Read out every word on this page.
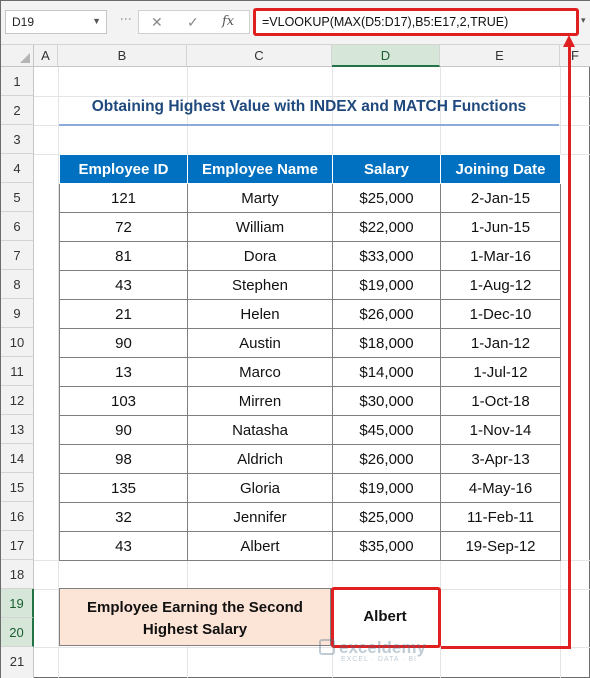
D19	▼ ⋮ ✕ ✓ fx	=VLOOKUP(MAX(D5:D17),B5:E17,2,TRUE)	▾
A	B	C	D	E	F
1
2
3
4
5
6
7
8
9
10
11
12
13
14
15
16
17
18
19
20
21
Obtaining Highest Value with INDEX and MATCH Functions
Employee ID	Employee Name	Salary	Joining Date
121	Marty	$25,000	2-Jan-15
72	William	$22,000	1-Jun-15
81	Dora	$33,000	1-Mar-16
43	Stephen	$19,000	1-Aug-12
21	Helen	$26,000	1-Dec-10
90	Austin	$18,000	1-Jan-12
13	Marco	$14,000	1-Jul-12
103	Mirren	$30,000	1-Oct-18
90	Natasha	$45,000	1-Nov-14
98	Aldrich	$26,000	3-Apr-13
135	Gloria	$19,000	4-May-16
32	Jennifer	$25,000	11-Feb-11
43	Albert	$35,000	19-Sep-12
Employee Earning the Second Highest Salary
Albert
exceldemy
EXCEL · DATA · BI
